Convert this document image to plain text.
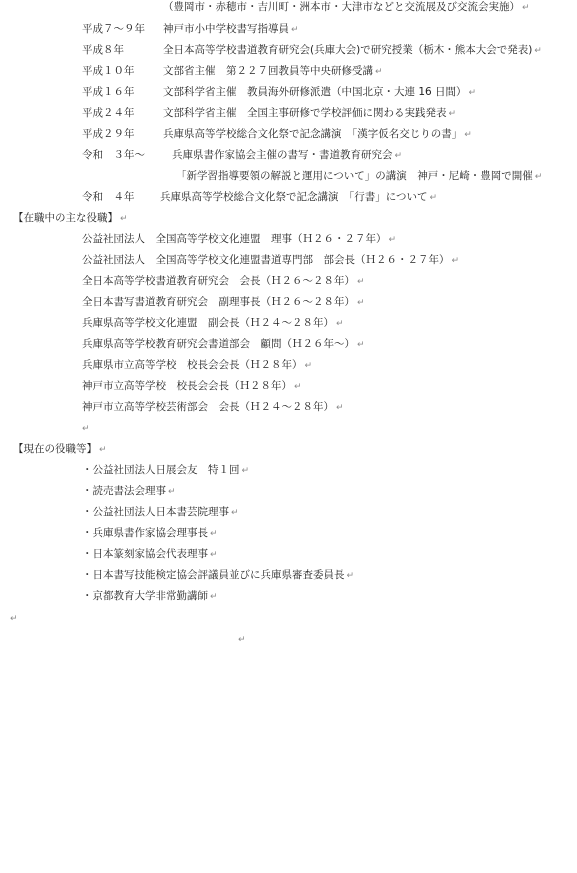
（豊岡市・赤穂市・吉川町・洲本市・大津市などと交流展及び交流会実施） ↵
平成７～９年 神戸市小中学校書写指導員 ↵
平成８年	全日本高等学校書道教育研究会(兵庫大会)で研究授業（栃木・熊本大会で発表) ↵
平成１０年	文部省主催　第２２７回教員等中央研修受講 ↵
平成１６年	文部科学省主催　教員海外研修派遣（中国北京・大連 16 日間） ↵
平成２４年	文部科学省主催　全国主事研修で学校評価に関わる実践発表 ↵
平成２９年	兵庫県高等学校総合文化祭で記念講演　「漢字仮名交じりの書」 ↵
令和　３年～	兵庫県書作家協会主催の書写・書道教育研究会 ↵
「新学習指導要領の解説と運用について」の講演　神戸・尼崎・豊岡で開催 ↵
令和　４年 兵庫県高等学校総合文化祭で記念講演　「行書」について ↵
【在職中の主な役職】 ↵
公益社団法人　全国高等学校文化連盟　理事（Ｈ２６・２７年） ↵
公益社団法人　全国高等学校文化連盟書道専門部　部会長（Ｈ２６・２７年） ↵
全日本高等学校書道教育研究会　会長（Ｈ２６～２８年） ↵
全日本書写書道教育研究会　副理事長（Ｈ２６～２８年） ↵
兵庫県高等学校文化連盟　副会長（Ｈ２４～２８年） ↵
兵庫県高等学校教育研究会書道部会　顧問（Ｈ２６年～） ↵
兵庫県市立高等学校　校長会会長（Ｈ２８年） ↵
神戸市立高等学校　校長会会長（Ｈ２８年） ↵
神戸市立高等学校芸術部会　会長（Ｈ２４～２８年） ↵
↵
【現在の役職等】 ↵
・公益社団法人日展会友　特１回 ↵
・読売書法会理事 ↵
・公益社団法人日本書芸院理事 ↵
・兵庫県書作家協会理事長 ↵
・日本篆刻家協会代表理事 ↵
・日本書写技能検定協会評議員並びに兵庫県審査委員長 ↵
・京都教育大学非常勤講師 ↵
↵
↵
